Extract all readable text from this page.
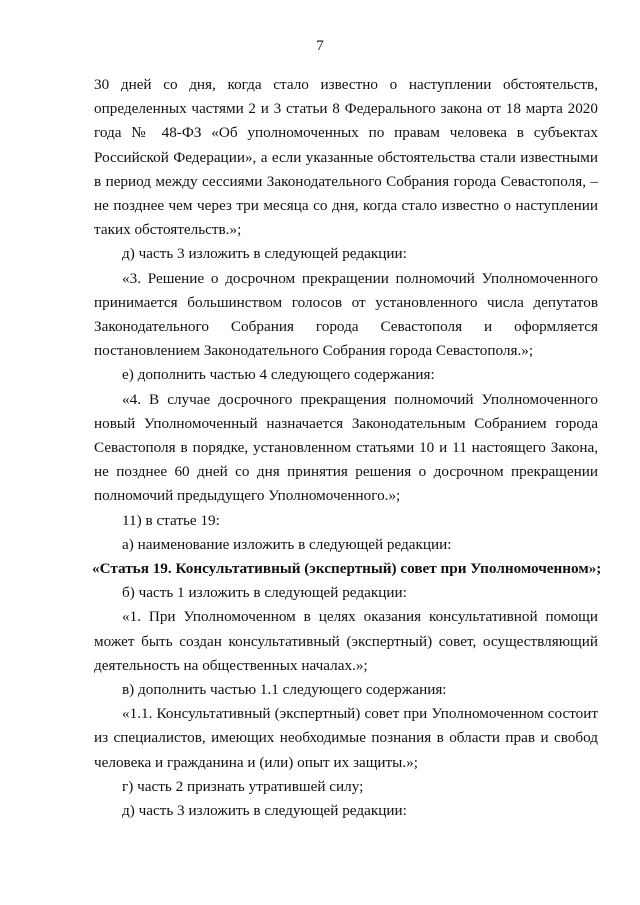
7

30 дней со дня, когда стало известно о наступлении обстоятельств, определенных частями 2 и 3 статьи 8 Федерального закона от 18 марта 2020 года № 48-ФЗ «Об уполномоченных по правам человека в субъектах Российской Федерации», а если указанные обстоятельства стали известными в период между сессиями Законодательного Собрания города Севастополя, – не позднее чем через три месяца со дня, когда стало известно о наступлении таких обстоятельств.»;

д) часть 3 изложить в следующей редакции:

«3. Решение о досрочном прекращении полномочий Уполномоченного принимается большинством голосов от установленного числа депутатов Законодательного Собрания города Севастополя и оформляется постановлением Законодательного Собрания города Севастополя.»;

е) дополнить частью 4 следующего содержания:

«4. В случае досрочного прекращения полномочий Уполномоченного новый Уполномоченный назначается Законодательным Собранием города Севастополя в порядке, установленном статьями 10 и 11 настоящего Закона, не позднее 60 дней со дня принятия решения о досрочном прекращении полномочий предыдущего Уполномоченного.»;

11) в статье 19:

а) наименование изложить в следующей редакции:

«Статья 19. Консультативный (экспертный) совет при Уполномоченном»;

б) часть 1 изложить в следующей редакции:

«1. При Уполномоченном в целях оказания консультативной помощи может быть создан консультативный (экспертный) совет, осуществляющий деятельность на общественных началах.»;

в) дополнить частью 1.1 следующего содержания:

«1.1. Консультативный (экспертный) совет при Уполномоченном состоит из специалистов, имеющих необходимые познания в области прав и свобод человека и гражданина и (или) опыт их защиты.»;

г) часть 2 признать утратившей силу;

д) часть 3 изложить в следующей редакции:
